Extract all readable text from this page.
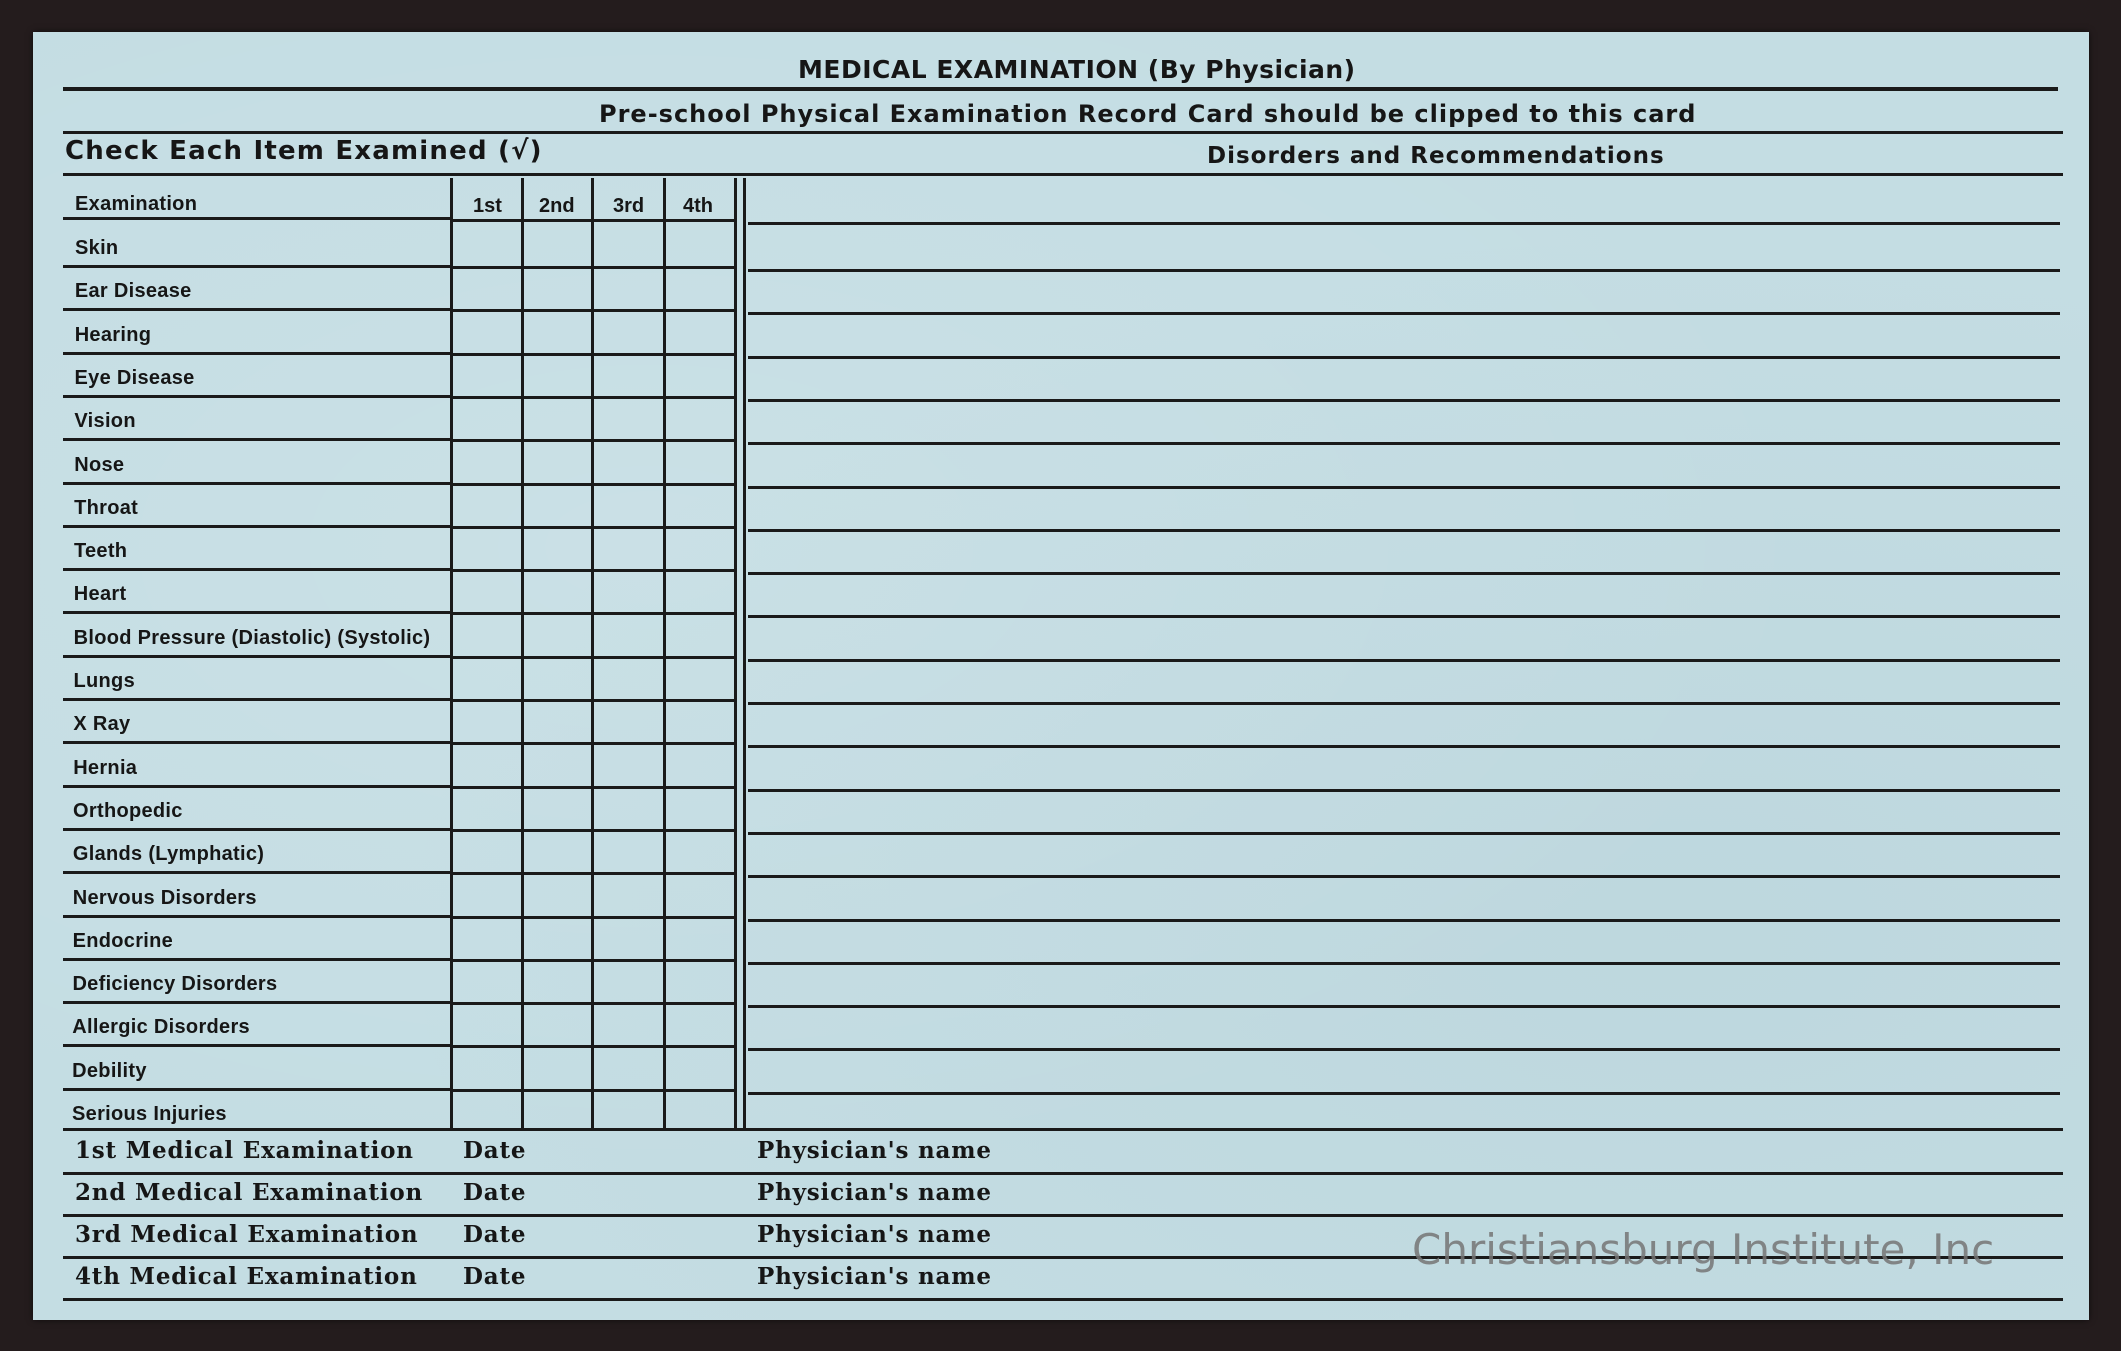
MEDICAL EXAMINATION (By Physician)
Pre-school Physical Examination Record Card should be clipped to this card
Check Each Item Examined (√)	Disorders and Recommendations
Examination	1st 2nd 3rd 4th
Skin
Ear Disease
Hearing
Eye Disease
Vision
Nose
Throat
Teeth
Heart
Blood Pressure (Diastolic) (Systolic)
Lungs
X Ray
Hernia
Orthopedic
Glands (Lymphatic)
Nervous Disorders
Endocrine
Deficiency Disorders
Allergic Disorders
Debility
Serious Injuries
1st Medical Examination Date	Physician's name
2nd Medical Examination Date	Physician's name
3rd Medical Examination Date	Physician's name
4th Medical Examination Date	Physician's name
Christiansburg Institute, Inc
